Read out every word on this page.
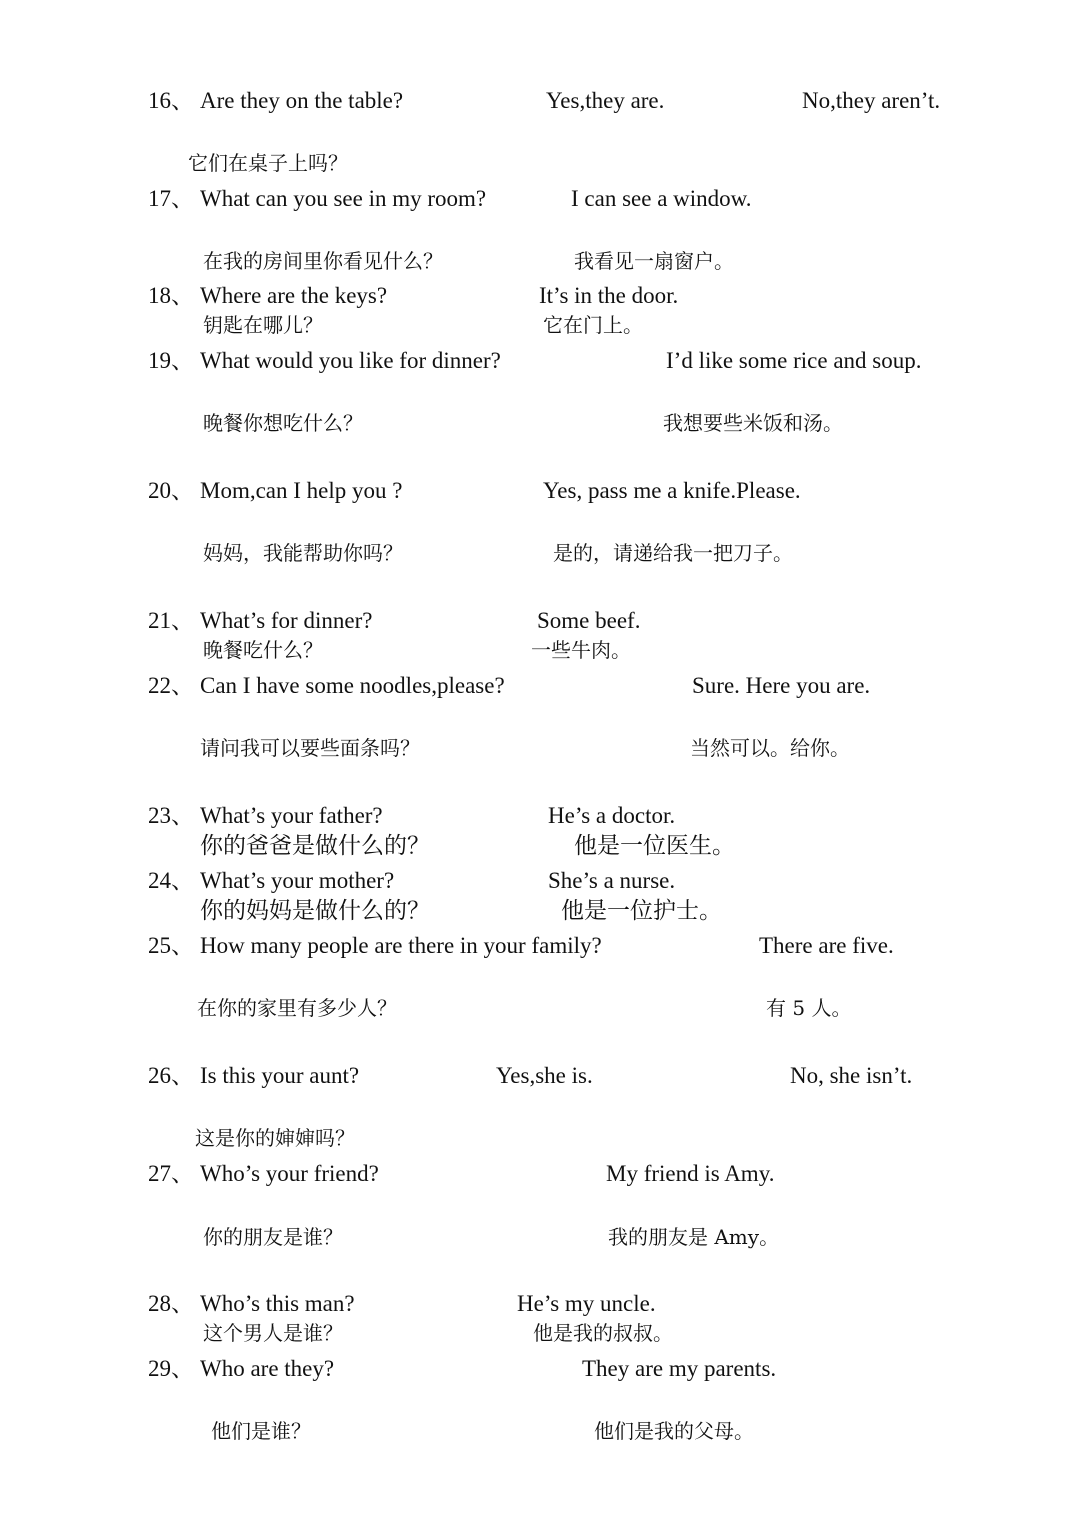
16、 Are they on the table?	Yes,they are.	No,they aren’t.
它们在桌子上吗？
17、 What can you see in my room?	I can see a window.
在我的房间里你看见什么？	我看见一扇窗户。
18、 Where are the keys?	It’s in the door.
钥匙在哪儿？	它在门上。
19、 What would you like for dinner?	I’d like some rice and soup.
晚餐你想吃什么？	我想要些米饭和汤。
20、 Mom,can I help you ?	Yes, pass me a knife.Please.
妈妈，我能帮助你吗？	是的，请递给我一把刀子。
21、 What’s for dinner?	Some beef.
晚餐吃什么？	一些牛肉。
22、 Can I have some noodles,please?	Sure. Here you are.
请问我可以要些面条吗？	当然可以。给你。
23、 What’s your father?	He’s a doctor.
你的爸爸是做什么的？	他是一位医生。
24、 What’s your mother?	She’s a nurse.
你的妈妈是做什么的？	他是一位护士。
25、 How many people are there in your family?	There are five.
在你的家里有多少人？	有 5 人。
26、 Is this your aunt?	Yes,she is.	No, she isn’t.
这是你的婶婶吗？
27、 Who’s your friend?	My friend is Amy.
你的朋友是谁？	我的朋友是 Amy。
28、 Who’s this man?	He’s my uncle.
这个男人是谁？	他是我的叔叔。
29、 Who are they?	They are my parents.
他们是谁？	他们是我的父母。
